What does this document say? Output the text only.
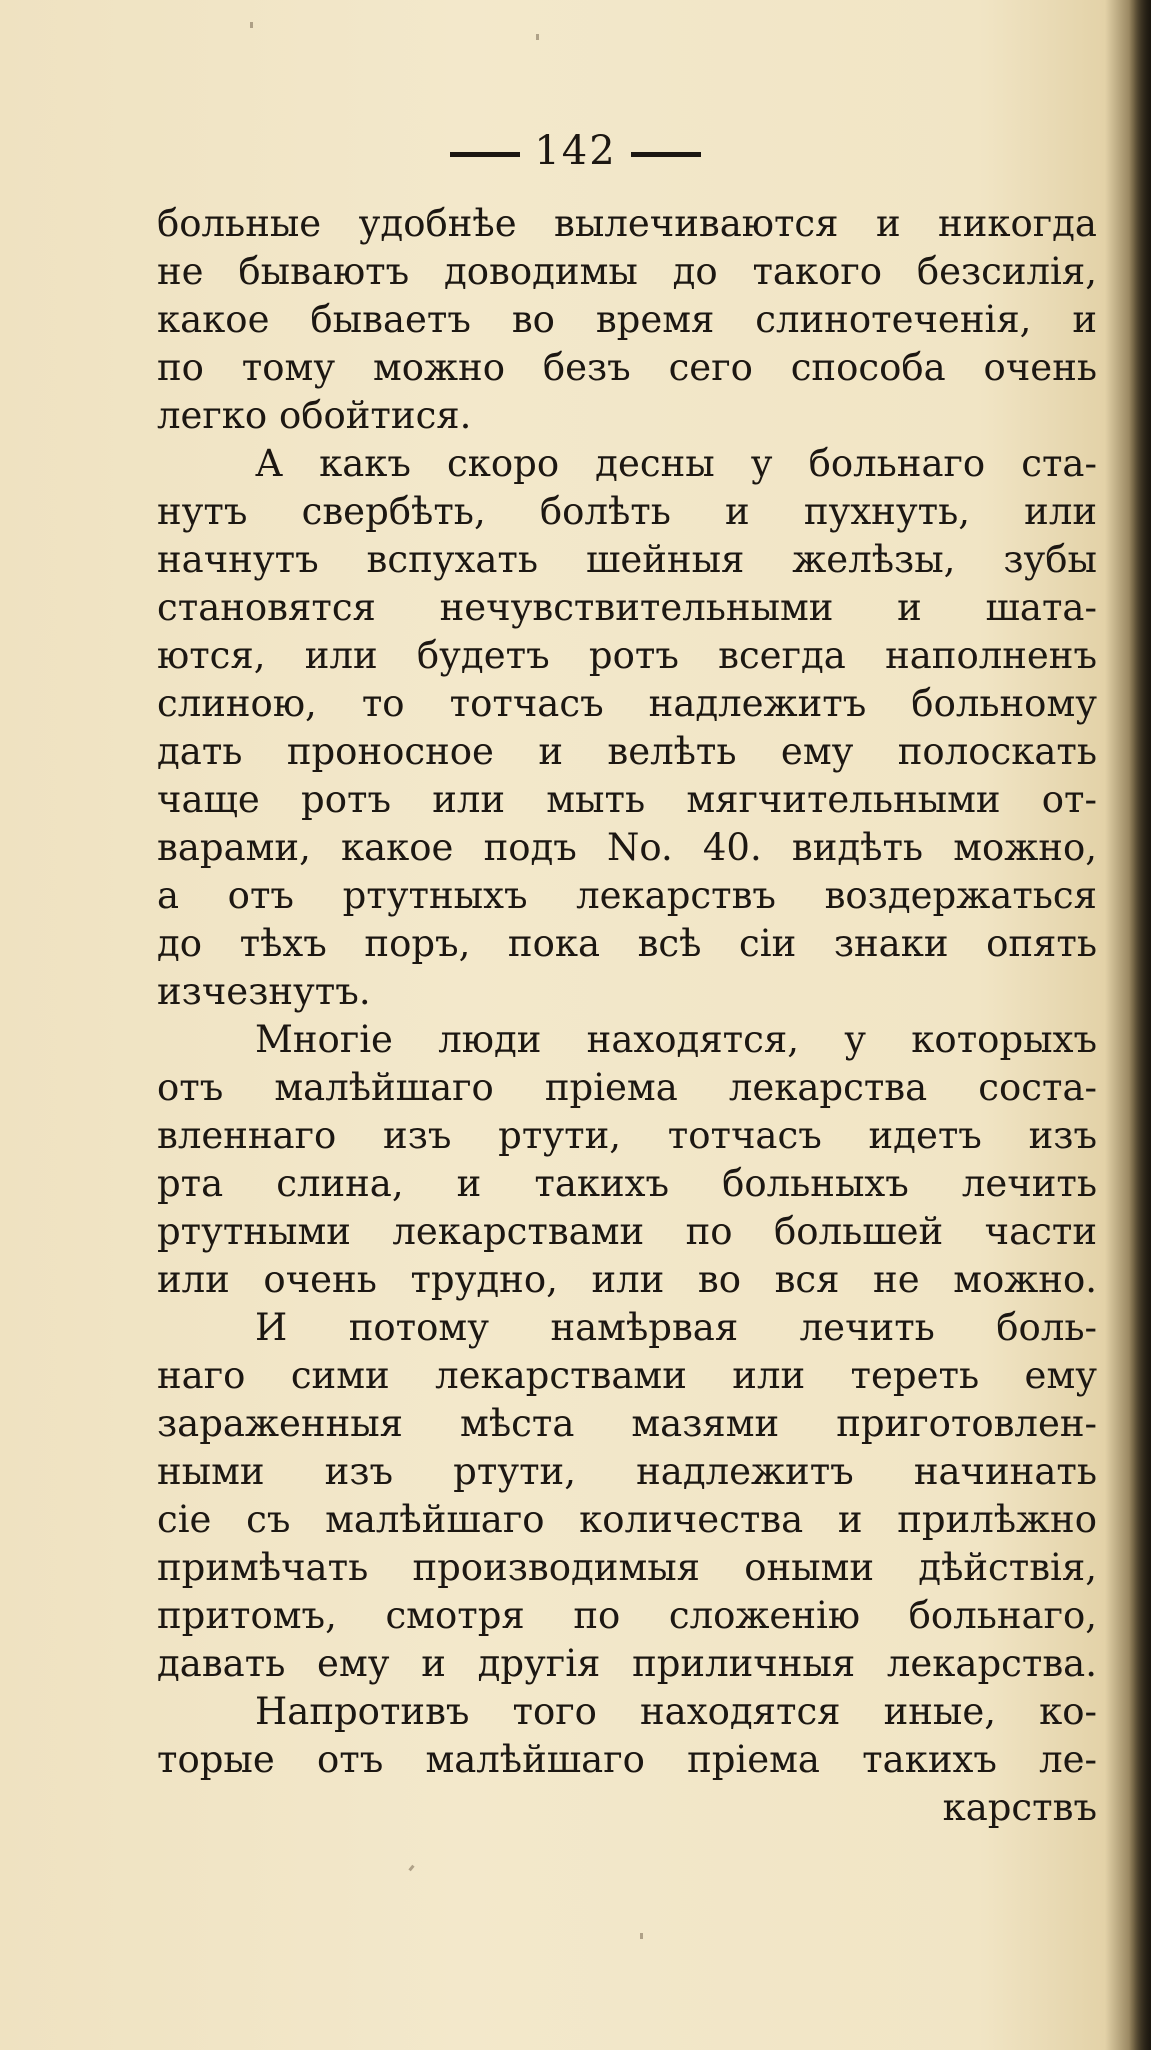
142
больные удобнѣе вылечиваются и никогда
не бываютъ доводимы до такого безсилія,
какое бываетъ во время слинотеченія, и
по тому можно безъ сего способа очень
легко обойтися.
А какъ скоро десны у больнаго ста-
нутъ свербѣть, болѣть и пухнуть, или
начнутъ вспухать шейныя желѣзы, зубы
становятся нечувствительными и шата-
ются, или будетъ ротъ всегда наполненъ
слиною, то тотчасъ надлежитъ больному
дать проносное и велѣть ему полоскать
чаще ротъ или мыть мягчительными от-
варами, какое подъ No. 40. видѣть можно,
а отъ ртутныхъ лекарствъ воздержаться
до тѣхъ поръ, пока всѣ сіи знаки опять
изчезнутъ.
Многіе люди находятся, у которыхъ
отъ малѣйшаго пріема лекарства соста-
вленнаго изъ ртути, тотчасъ идетъ изъ
рта слина, и такихъ больныхъ лечить
ртутными лекарствами по большей части
или очень трудно, или во вся не можно.
И потому намѣрвая лечить боль-
наго сими лекарствами или тереть ему
зараженныя мѣста мазями приготовлен-
ными изъ ртути, надлежитъ начинать
сіе съ малѣйшаго количества и прилѣжно
примѣчать производимыя оными дѣйствія,
притомъ, смотря по сложенію больнаго,
давать ему и другія приличныя лекарства.
Напротивъ того находятся иные, ко-
торые отъ малѣйшаго пріема такихъ ле-
карствъ
